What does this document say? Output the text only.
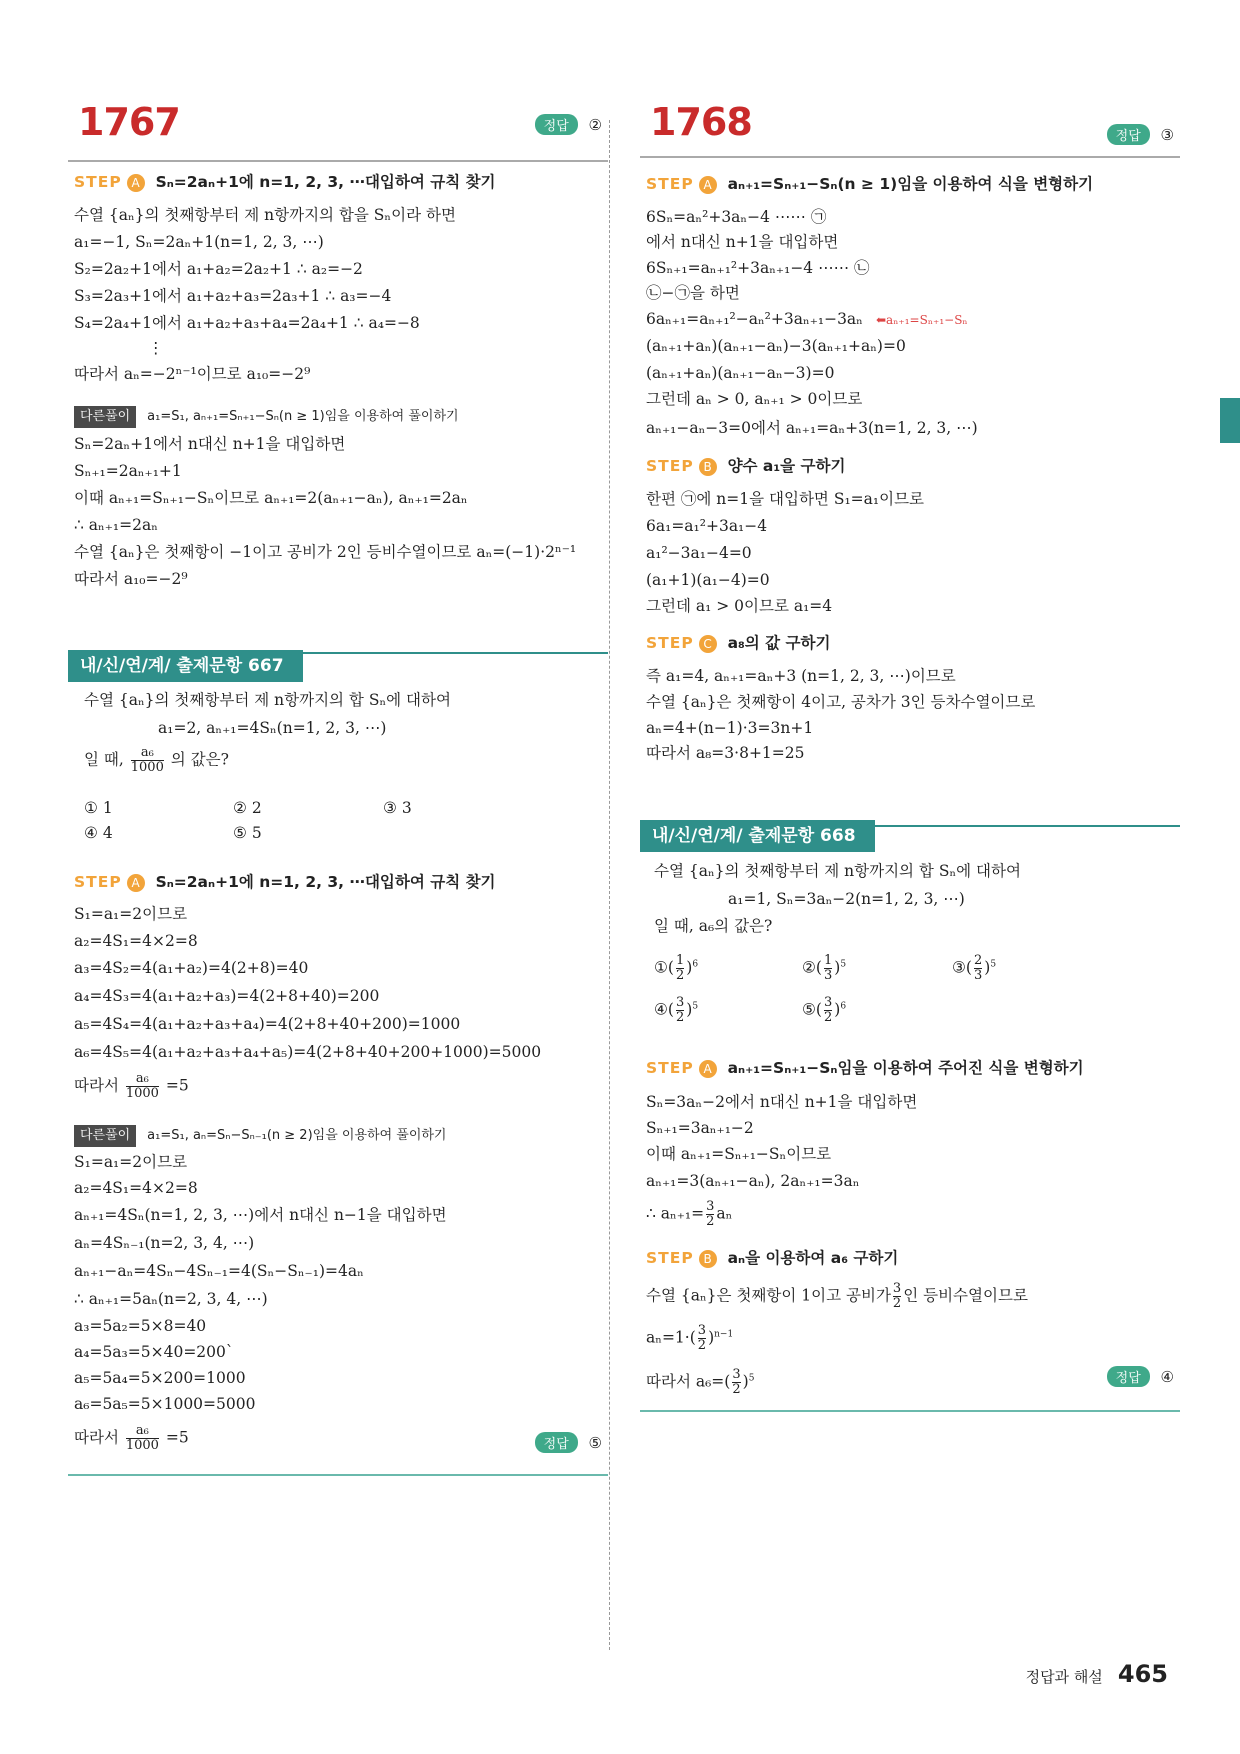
1767	정답 ②
STEP A Sₙ=2aₙ+1에 n=1, 2, 3, ⋯대입하여 규칙 찾기
수열 {aₙ}의 첫째항부터 제 n항까지의 합을 Sₙ이라 하면
a₁=−1, Sₙ=2aₙ+1(n=1, 2, 3, ⋯)
S₂=2a₂+1에서 a₁+a₂=2a₂+1 ∴ a₂=−2
S₃=2a₃+1에서 a₁+a₂+a₃=2a₃+1 ∴ a₃=−4
S₄=2a₄+1에서 a₁+a₂+a₃+a₄=2a₄+1 ∴ a₄=−8
⋮
따라서 aₙ=−2ⁿ⁻¹이므로 a₁₀=−2⁹
다른풀이 a₁=S₁, aₙ₊₁=Sₙ₊₁−Sₙ(n ≥ 1)임을 이용하여 풀이하기
Sₙ=2aₙ+1에서 n대신 n+1을 대입하면
Sₙ₊₁=2aₙ₊₁+1
이때 aₙ₊₁=Sₙ₊₁−Sₙ이므로 aₙ₊₁=2(aₙ₊₁−aₙ), aₙ₊₁=2aₙ
∴ aₙ₊₁=2aₙ
수열 {aₙ}은 첫째항이 −1이고 공비가 2인 등비수열이므로 aₙ=(−1)·2ⁿ⁻¹
따라서 a₁₀=−2⁹
내/신/연/계/ 출제문항 667
수열 {aₙ}의 첫째항부터 제 n항까지의 합 Sₙ에 대하여
a₁=2, aₙ₊₁=4Sₙ(n=1, 2, 3, ⋯)
일 때, $\frac{\text{a₆}}{1000}$ 의 값은?
① 1	② 2	③ 3
④ 4	⑤ 5
STEP A Sₙ=2aₙ+1에 n=1, 2, 3, ⋯대입하여 규칙 찾기
S₁=a₁=2이므로
a₂=4S₁=4×2=8
a₃=4S₂=4(a₁+a₂)=4(2+8)=40
a₄=4S₃=4(a₁+a₂+a₃)=4(2+8+40)=200
a₅=4S₄=4(a₁+a₂+a₃+a₄)=4(2+8+40+200)=1000
a₆=4S₅=4(a₁+a₂+a₃+a₄+a₅)=4(2+8+40+200+1000)=5000
따라서 $\frac{\text{a₆}}{1000} =5$
다른풀이 a₁=S₁, aₙ=Sₙ−Sₙ₋₁(n ≥ 2)임을 이용하여 풀이하기
S₁=a₁=2이므로
a₂=4S₁=4×2=8
aₙ₊₁=4Sₙ(n=1, 2, 3, ⋯)에서 n대신 n−1을 대입하면
aₙ=4Sₙ₋₁(n=2, 3, 4, ⋯)
aₙ₊₁−aₙ=4Sₙ−4Sₙ₋₁=4(Sₙ−Sₙ₋₁)=4aₙ
∴ aₙ₊₁=5aₙ(n=2, 3, 4, ⋯)
a₃=5a₂=5×8=40
a₄=5a₃=5×40=200`
a₅=5a₄=5×200=1000
a₆=5a₅=5×1000=5000
따라서 $\frac{\text{a₆}}{1000} =5$	정답 ⑤
1768	정답 ③
STEP A aₙ₊₁=Sₙ₊₁−Sₙ(n ≥ 1)임을 이용하여 식을 변형하기
6Sₙ=aₙ²+3aₙ−4 ⋯⋯ ㉠
에서 n대신 n+1을 대입하면
6Sₙ₊₁=aₙ₊₁²+3aₙ₊₁−4 ⋯⋯ ㉡
㉡−㉠을 하면
6aₙ₊₁=aₙ₊₁²−aₙ²+3aₙ₊₁−3aₙ ⬅aₙ₊₁=Sₙ₊₁−Sₙ
(aₙ₊₁+aₙ)(aₙ₊₁−aₙ)−3(aₙ₊₁+aₙ)=0
(aₙ₊₁+aₙ)(aₙ₊₁−aₙ−3)=0
그런데 aₙ > 0, aₙ₊₁ > 0이므로
aₙ₊₁−aₙ−3=0에서 aₙ₊₁=aₙ+3(n=1, 2, 3, ⋯)
STEP B 양수 a₁을 구하기
한편 ㉠에 n=1을 대입하면 S₁=a₁이므로
6a₁=a₁²+3a₁−4
a₁²−3a₁−4=0
(a₁+1)(a₁−4)=0
그런데 a₁ > 0이므로 a₁=4
STEP C a₈의 값 구하기
즉 a₁=4, aₙ₊₁=aₙ+3 (n=1, 2, 3, ⋯)이므로
수열 {aₙ}은 첫째항이 4이고, 공차가 3인 등차수열이므로
aₙ=4+(n−1)·3=3n+1
따라서 a₈=3·8+1=25
내/신/연/계/ 출제문항 668
수열 {aₙ}의 첫째항부터 제 n항까지의 합 Sₙ에 대하여
a₁=1, Sₙ=3aₙ−2(n=1, 2, 3, ⋯)
일 때, a₆의 값은?
①( $\frac{1}{2} )^6$	②( $\frac{1}{3} )^5$	③( $\frac{2}{3} )^5$
④( $\frac{3}{2} )^5$	⑤( $\frac{3}{2} )^6$
STEP A aₙ₊₁=Sₙ₊₁−Sₙ임을 이용하여 주어진 식을 변형하기
Sₙ=3aₙ−2에서 n대신 n+1을 대입하면
Sₙ₊₁=3aₙ₊₁−2
이때 aₙ₊₁=Sₙ₊₁−Sₙ이므로
aₙ₊₁=3(aₙ₊₁−aₙ), 2aₙ₊₁=3aₙ
∴ $a_{n+1}= \frac{3}{2}$ aₙ
STEP B aₙ을 이용하여 a₆ 구하기
수열 {aₙ}은 첫째항이 1이고 공비가 $\frac{3}{2}$ 인 등비수열이므로
$a_n=1\cdot( \frac{3}{2} )^{n-1}$
따라서 $a_6=( \frac{3}{2} )^5$	정답 ④
정답과 해설 465
